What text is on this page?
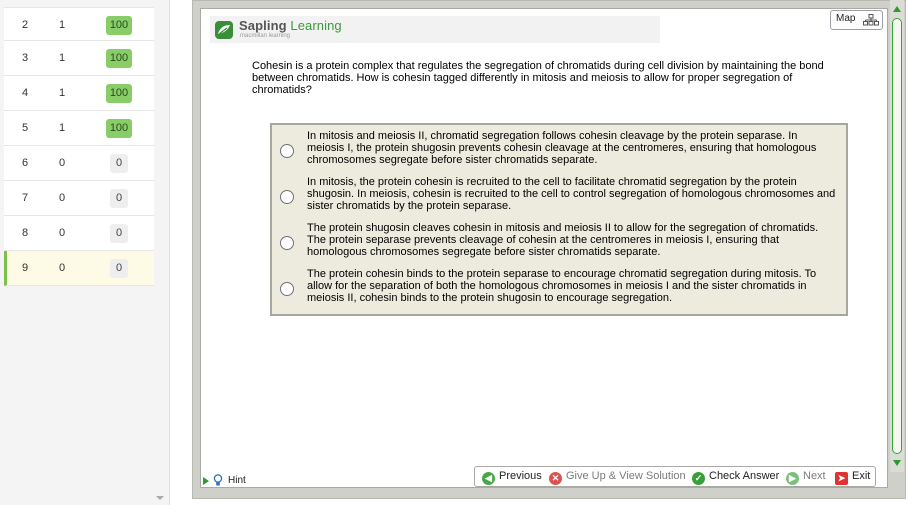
2	1	100
3	1	100
4	1	100
5	1	100
6	0	0
7	0	0
8	0	0
9	0	0
Sapling Learning
macmillan learning
Map
Cohesin is a protein complex that regulates the segregation of chromatids during cell division by maintaining the bond between chromatids. How is cohesin tagged differently in mitosis and meiosis to allow for proper segregation of chromatids?
In mitosis and meiosis II, chromatid segregation follows cohesin cleavage by the protein separase. In meiosis I, the protein shugosin prevents cohesin cleavage at the centromeres, ensuring that homologous chromosomes segregate before sister chromatids separate.
In mitosis, the protein cohesin is recruited to the cell to facilitate chromatid segregation by the protein shugosin. In meiosis, cohesin is recruited to the cell to control segregation of homologous chromosomes and sister chromatids by the protein separase.
The protein shugosin cleaves cohesin in mitosis and meiosis II to allow for the segregation of chromatids. The protein separase prevents cleavage of cohesin at the centromeres in meiosis I, ensuring that homologous chromosomes segregate before sister chromatids separate.
The protein cohesin binds to the protein separase to encourage chromatid segregation during mitosis. To allow for the separation of both the homologous chromosomes in meiosis I and the sister chromatids in meiosis II, cohesin binds to the protein shugosin to encourage segregation.
Hint	◀ Previous	✕ Give Up & View Solution	✓ Check Answer	▶ Next	➤ Exit
